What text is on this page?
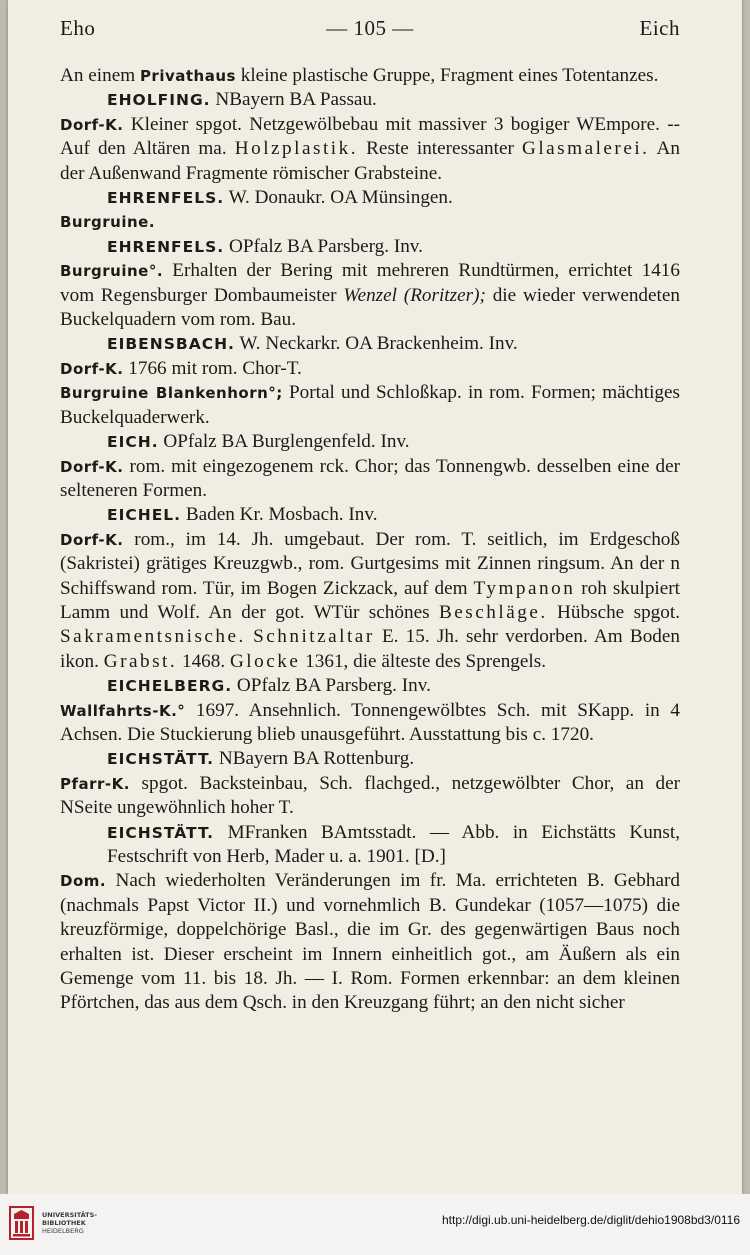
Eho	— 105 —	Eich

An einem Privathaus kleine plastische Gruppe, Fragment eines Totentanzes.

EHOLFING. NBayern BA Passau.

Dorf-K. Kleiner spgot. Netzgewölbebau mit massiver 3 bogiger WEmpore. -- Auf den Altären ma. Holzplastik. Reste interessanter Glasmalerei. An der Außenwand Fragmente römischer Grabsteine.

EHRENFELS. W. Donaukr. OA Münsingen.

Burgruine.

EHRENFELS. OPfalz BA Parsberg. Inv.

Burgruine°. Erhalten der Bering mit mehreren Rundtürmen, errichtet 1416 vom Regensburger Dombaumeister Wenzel (Roritzer); die wieder verwendeten Buckelquadern vom rom. Bau.

EIBENSBACH. W. Neckarkr. OA Brackenheim. Inv.

Dorf-K. 1766 mit rom. Chor-T.

Burgruine Blankenhorn°; Portal und Schloßkap. in rom. Formen; mächtiges Buckelquaderwerk.

EICH. OPfalz BA Burglengenfeld. Inv.

Dorf-K. rom. mit eingezogenem rck. Chor; das Tonnengwb. desselben eine der selteneren Formen.

EICHEL. Baden Kr. Mosbach. Inv.

Dorf-K. rom., im 14. Jh. umgebaut. Der rom. T. seitlich, im Erdgeschoß (Sakristei) grätiges Kreuzgwb., rom. Gurtgesims mit Zinnen ringsum. An der n Schiffswand rom. Tür, im Bogen Zickzack, auf dem Tympanon roh skulpiert Lamm und Wolf. An der got. WTür schönes Beschläge. Hübsche spgot. Sakramentsnische. Schnitzaltar E. 15. Jh. sehr verdorben. Am Boden ikon. Grabst. 1468. Glocke 1361, die älteste des Sprengels.

EICHELBERG. OPfalz BA Parsberg. Inv.

Wallfahrts-K.° 1697. Ansehnlich. Tonnengewölbtes Sch. mit SKapp. in 4 Achsen. Die Stuckierung blieb unausgeführt. Ausstattung bis c. 1720.

EICHSTÄTT. NBayern BA Rottenburg.

Pfarr-K. spgot. Backsteinbau, Sch. flachged., netzgewölbter Chor, an der NSeite ungewöhnlich hoher T.

EICHSTÄTT. MFranken BAmtsstadt. — Abb. in Eichstätts Kunst, Festschrift von Herb, Mader u. a. 1901. [D.]

Dom. Nach wiederholten Veränderungen im fr. Ma. errichteten B. Gebhard (nachmals Papst Victor II.) und vornehmlich B. Gundekar (1057—1075) die kreuzförmige, doppelchörige Basl., die im Gr. des gegenwärtigen Baus noch erhalten ist. Dieser erscheint im Innern einheitlich got., am Äußern als ein Gemenge vom 11. bis 18. Jh. — I. Rom. Formen erkennbar: an dem kleinen Pförtchen, das aus dem Qsch. in den Kreuzgang führt; an den nicht sicher

UNIVERSITÄTS-
BIBLIOTHEK
HEIDELBERG
http://digi.ub.uni-heidelberg.de/diglit/dehio1908bd3/0116
